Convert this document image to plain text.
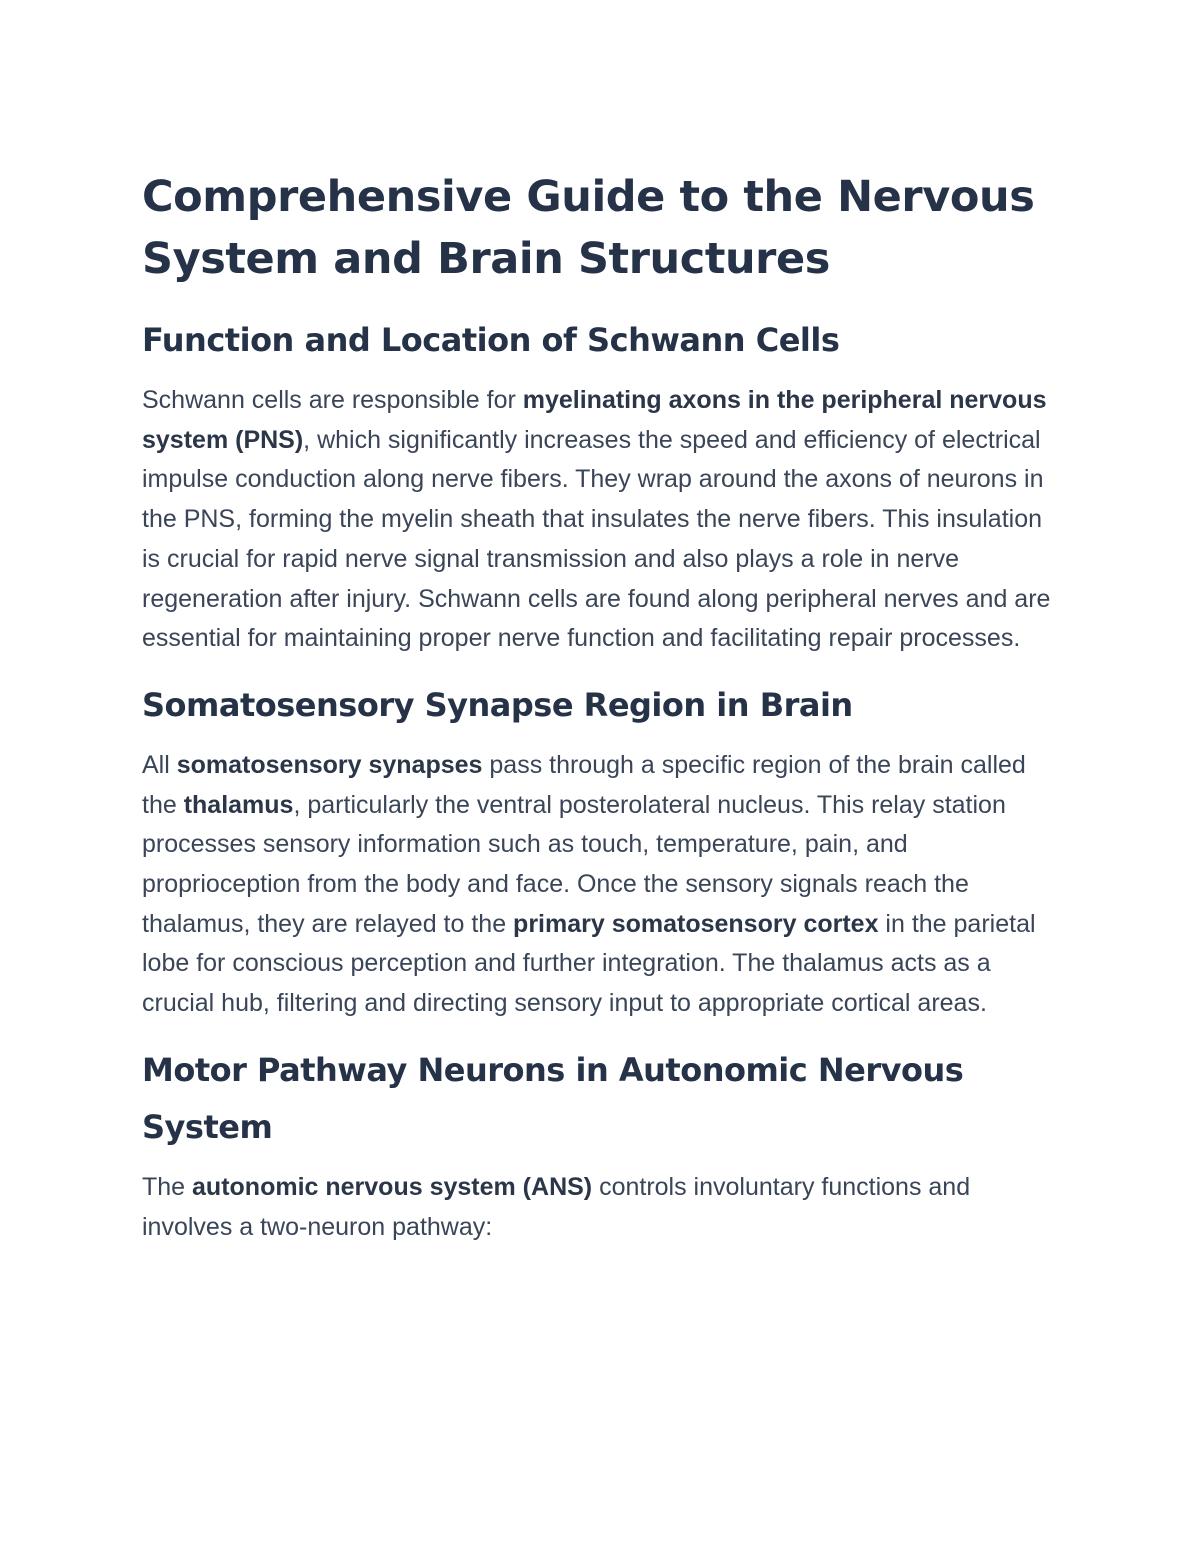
Comprehensive Guide to the Nervous System and Brain Structures
Function and Location of Schwann Cells

Schwann cells are responsible for myelinating axons in the peripheral nervous system (PNS), which significantly increases the speed and efficiency of electrical impulse conduction along nerve fibers. They wrap around the axons of neurons in the PNS, forming the myelin sheath that insulates the nerve fibers. This insulation is crucial for rapid nerve signal transmission and also plays a role in nerve regeneration after injury. Schwann cells are found along peripheral nerves and are essential for maintaining proper nerve function and facilitating repair processes.

Somatosensory Synapse Region in Brain

All somatosensory synapses pass through a specific region of the brain called the thalamus, particularly the ventral posterolateral nucleus. This relay station processes sensory information such as touch, temperature, pain, and proprioception from the body and face. Once the sensory signals reach the thalamus, they are relayed to the primary somatosensory cortex in the parietal lobe for conscious perception and further integration. The thalamus acts as a crucial hub, filtering and directing sensory input to appropriate cortical areas.

Motor Pathway Neurons in Autonomic Nervous System

The autonomic nervous system (ANS) controls involuntary functions and involves a two-neuron pathway:
